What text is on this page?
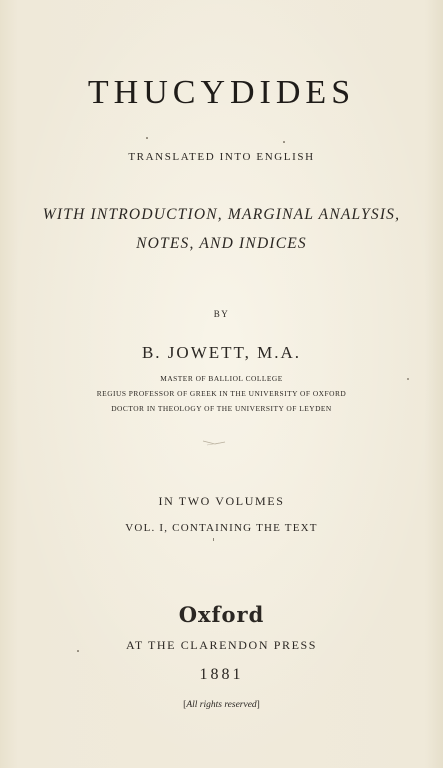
THUCYDIDES

TRANSLATED INTO ENGLISH

WITH INTRODUCTION, MARGINAL ANALYSIS,

NOTES, AND INDICES

BY

B. JOWETT, M.A.

MASTER OF BALLIOL COLLEGE

REGIUS PROFESSOR OF GREEK IN THE UNIVERSITY OF OXFORD

DOCTOR IN THEOLOGY OF THE UNIVERSITY OF LEYDEN

IN TWO VOLUMES

VOL. I, CONTAINING THE TEXT

Oxford

AT THE CLARENDON PRESS

1881

[All rights reserved]
